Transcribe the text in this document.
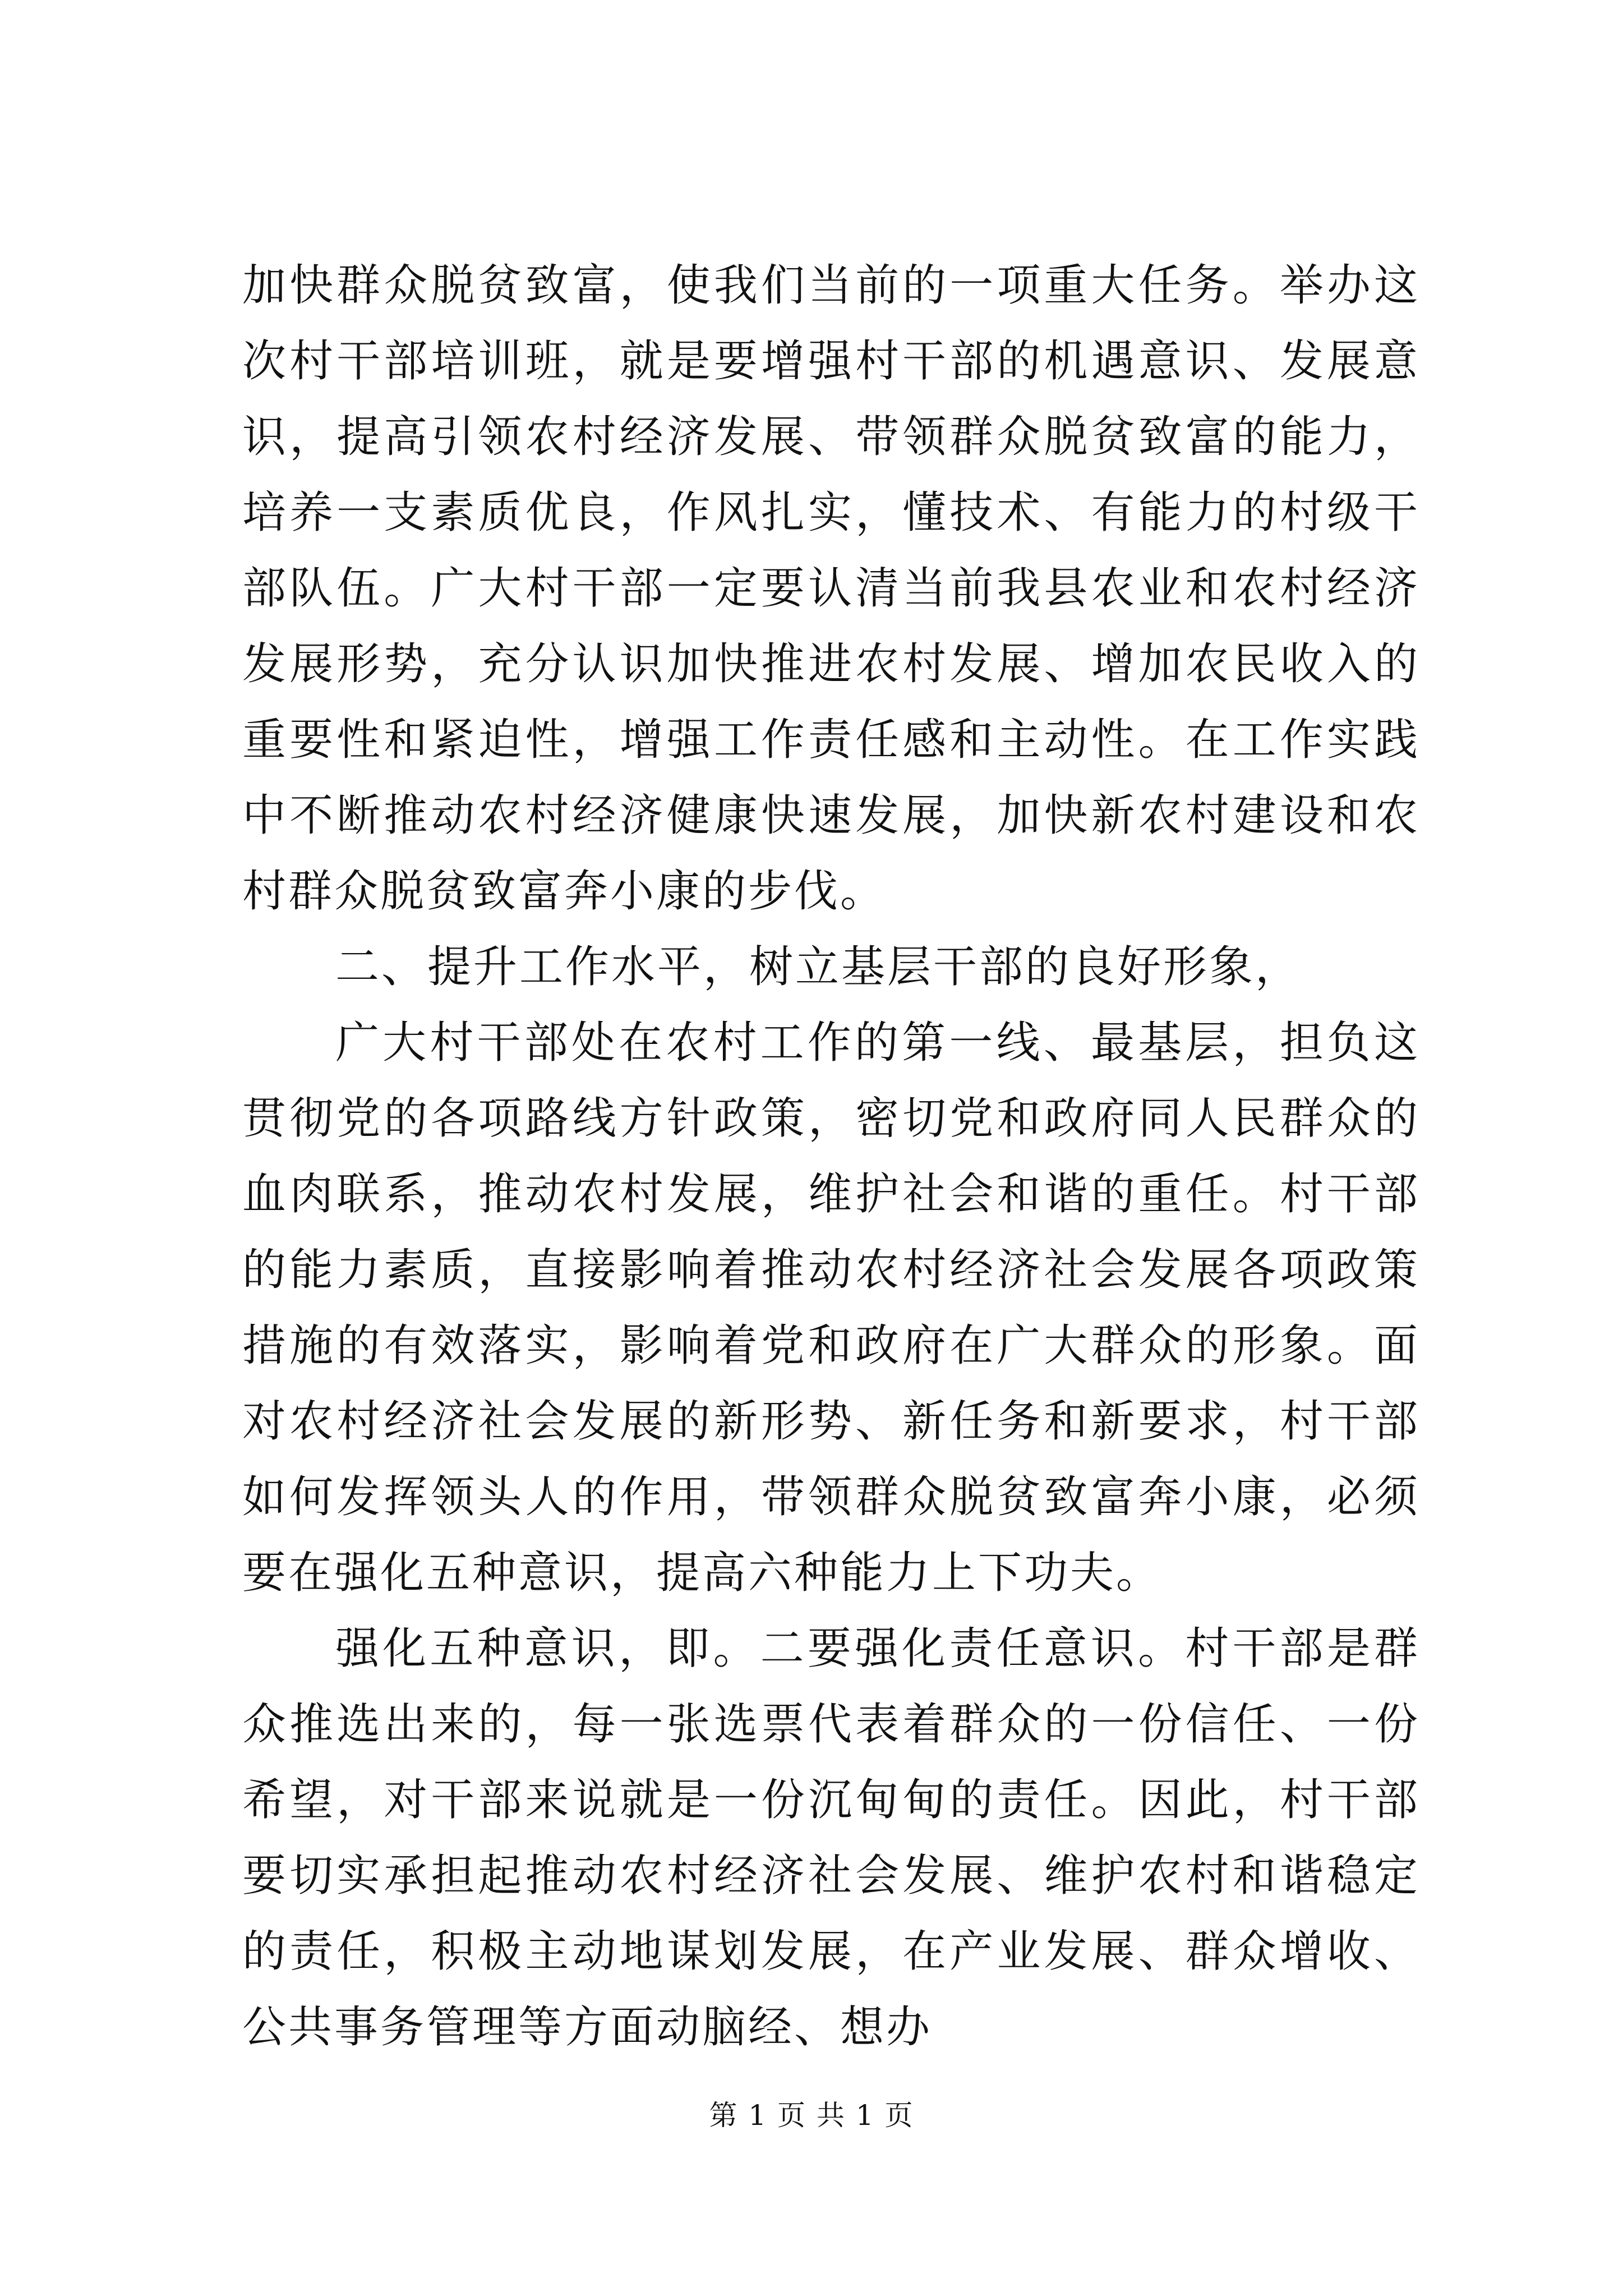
加快群众脱贫致富，使我们当前的一项重大任务。举办这次村干部培训班，就是要增强村干部的机遇意识、发展意识，提高引领农村经济发展、带领群众脱贫致富的能力，培养一支素质优良，作风扎实，懂技术、有能力的村级干部队伍。广大村干部一定要认清当前我县农业和农村经济发展形势，充分认识加快推进农村发展、增加农民收入的重要性和紧迫性，增强工作责任感和主动性。在工作实践中不断推动农村经济健康快速发展，加快新农村建设和农村群众脱贫致富奔小康的步伐。

二、提升工作水平，树立基层干部的良好形象，

广大村干部处在农村工作的第一线、最基层，担负这贯彻党的各项路线方针政策，密切党和政府同人民群众的血肉联系，推动农村发展，维护社会和谐的重任。村干部的能力素质，直接影响着推动农村经济社会发展各项政策措施的有效落实，影响着党和政府在广大群众的形象。面对农村经济社会发展的新形势、新任务和新要求，村干部如何发挥领头人的作用，带领群众脱贫致富奔小康，必须要在强化五种意识，提高六种能力上下功夫。

强化五种意识，即。二要强化责任意识。村干部是群众推选出来的，每一张选票代表着群众的一份信任、一份希望，对干部来说就是一份沉甸甸的责任。因此，村干部要切实承担起推动农村经济社会发展、维护农村和谐稳定的责任，积极主动地谋划发展，在产业发展、群众增收、公共事务管理等方面动脑经、想办

第 1 页 共 1 页
